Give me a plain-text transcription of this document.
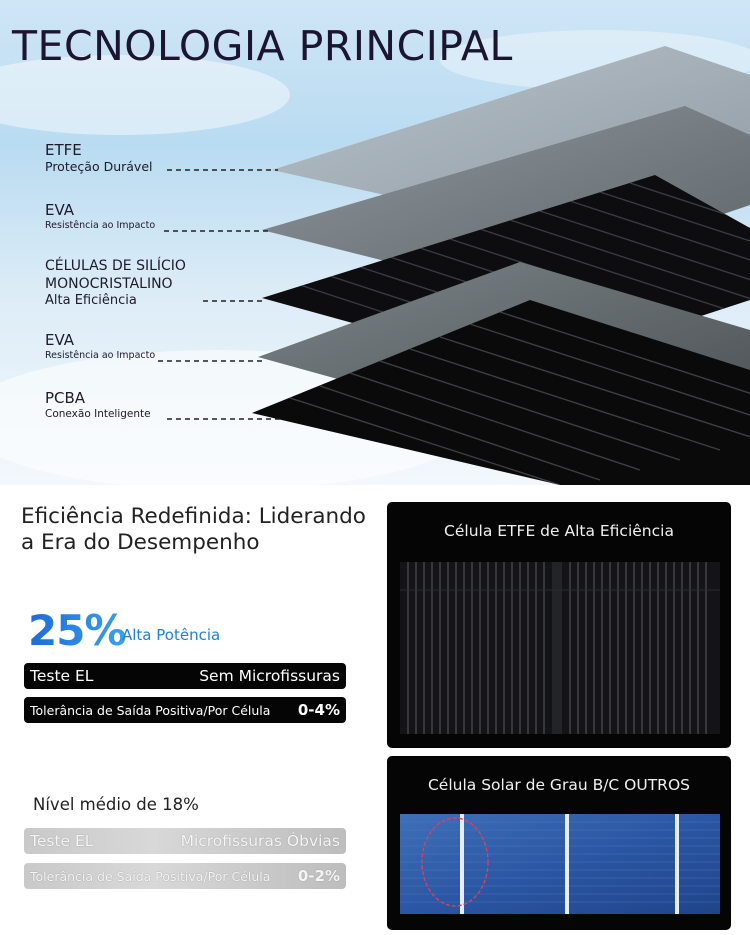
TECNOLOGIA PRINCIPAL
ETFE
Proteção Durável
EVA
Resistência ao Impacto
CÉLULAS DE SILÍCIO
MONOCRISTALINO
Alta Eficiência
EVA
Resistência ao Impacto
PCBA
Conexão Inteligente
Eficiência Redefinida: Liderando
a Era do Desempenho
25%
Alta Potência
Teste EL	Sem Microfissuras
Tolerância de Saída Positiva/Por Célula 0-4%
Nível médio de 18%
Teste EL	Microfissuras Óbvias
Tolerância de Saída Positiva/Por Célula 0-2%
Célula ETFE de Alta Eficiência
Célula Solar de Grau B/C OUTROS
